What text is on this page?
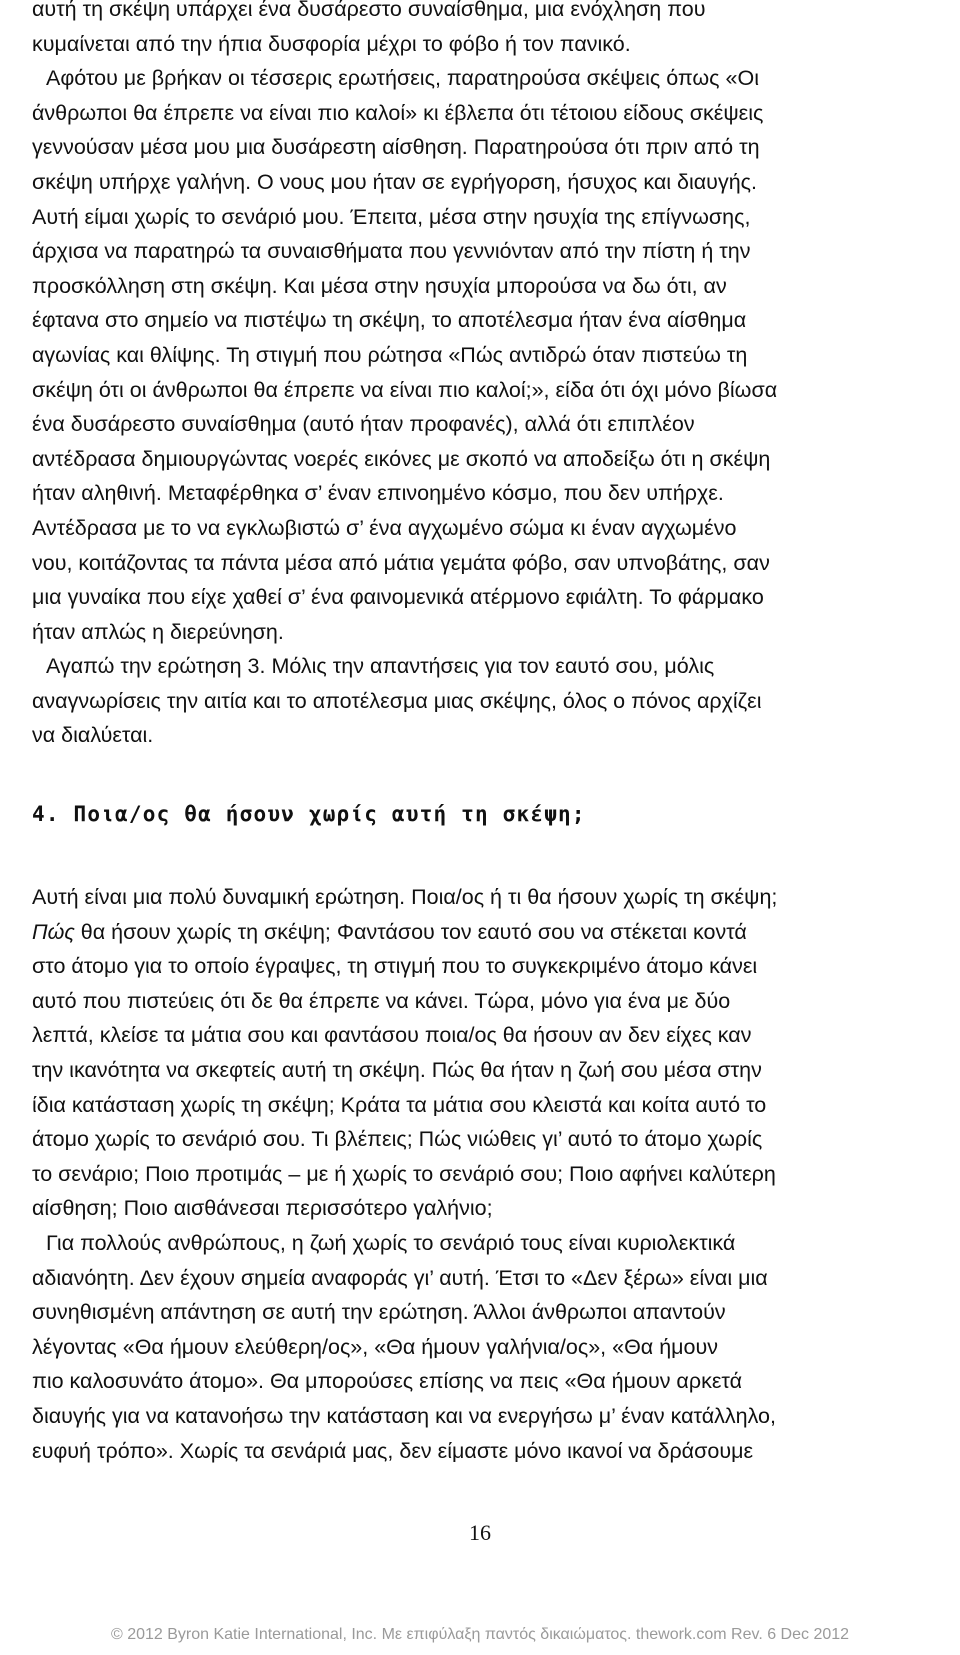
αυτή τη σκέψη υπάρχει ένα δυσάρεστο συναίσθημα, μια ενόχληση που
κυμαίνεται από την ήπια δυσφορία μέχρι το φόβο ή τον πανικό.
Αφότου με βρήκαν οι τέσσερις ερωτήσεις, παρατηρούσα σκέψεις όπως «Οι
άνθρωποι θα έπρεπε να είναι πιο καλοί» κι έβλεπα ότι τέτοιου είδους σκέψεις
γεννούσαν μέσα μου μια δυσάρεστη αίσθηση. Παρατηρούσα ότι πριν από τη
σκέψη υπήρχε γαλήνη. Ο νους μου ήταν σε εγρήγορση, ήσυχος και διαυγής.
Αυτή είμαι χωρίς το σενάριό μου. Έπειτα, μέσα στην ησυχία της επίγνωσης,
άρχισα να παρατηρώ τα συναισθήματα που γεννιόνταν από την πίστη ή την
προσκόλληση στη σκέψη. Και μέσα στην ησυχία μπορούσα να δω ότι, αν
έφτανα στο σημείο να πιστέψω τη σκέψη, το αποτέλεσμα ήταν ένα αίσθημα
αγωνίας και θλίψης. Τη στιγμή που ρώτησα «Πώς αντιδρώ όταν πιστεύω τη
σκέψη ότι οι άνθρωποι θα έπρεπε να είναι πιο καλοί;», είδα ότι όχι μόνο βίωσα
ένα δυσάρεστο συναίσθημα (αυτό ήταν προφανές), αλλά ότι επιπλέον
αντέδρασα δημιουργώντας νοερές εικόνες με σκοπό να αποδείξω ότι η σκέψη
ήταν αληθινή. Μεταφέρθηκα σ’ έναν επινοημένο κόσμο, που δεν υπήρχε.
Αντέδρασα με το να εγκλωβιστώ σ’ ένα αγχωμένο σώμα κι έναν αγχωμένο
νου, κοιτάζοντας τα πάντα μέσα από μάτια γεμάτα φόβο, σαν υπνοβάτης, σαν
μια γυναίκα που είχε χαθεί σ’ ένα φαινομενικά ατέρμονο εφιάλτη. Το φάρμακο
ήταν απλώς η διερεύνηση.
Αγαπώ την ερώτηση 3. Μόλις την απαντήσεις για τον εαυτό σου, μόλις
αναγνωρίσεις την αιτία και το αποτέλεσμα μιας σκέψης, όλος ο πόνος αρχίζει
να διαλύεται.
4. Ποια/ος θα ήσουν χωρίς αυτή τη σκέψη;
Αυτή είναι μια πολύ δυναμική ερώτηση. Ποια/ος ή τι θα ήσουν χωρίς τη σκέψη;
Πώς θα ήσουν χωρίς τη σκέψη; Φαντάσου τον εαυτό σου να στέκεται κοντά
στο άτομο για το οποίο έγραψες, τη στιγμή που το συγκεκριμένο άτομο κάνει
αυτό που πιστεύεις ότι δε θα έπρεπε να κάνει. Τώρα, μόνο για ένα με δύο
λεπτά, κλείσε τα μάτια σου και φαντάσου ποια/ος θα ήσουν αν δεν είχες καν
την ικανότητα να σκεφτείς αυτή τη σκέψη. Πώς θα ήταν η ζωή σου μέσα στην
ίδια κατάσταση χωρίς τη σκέψη; Κράτα τα μάτια σου κλειστά και κοίτα αυτό το
άτομο χωρίς το σενάριό σου. Τι βλέπεις; Πώς νιώθεις γι’ αυτό το άτομο χωρίς
το σενάριο; Ποιο προτιμάς – με ή χωρίς το σενάριό σου; Ποιο αφήνει καλύτερη
αίσθηση; Ποιο αισθάνεσαι περισσότερο γαλήνιο;
Για πολλούς ανθρώπους, η ζωή χωρίς το σενάριό τους είναι κυριολεκτικά
αδιανόητη. Δεν έχουν σημεία αναφοράς γι’ αυτή. Έτσι το «Δεν ξέρω» είναι μια
συνηθισμένη απάντηση σε αυτή την ερώτηση. Άλλοι άνθρωποι απαντούν
λέγοντας «Θα ήμουν ελεύθερη/ος», «Θα ήμουν γαλήνια/ος», «Θα ήμουν
πιο καλοσυνάτο άτομο». Θα μπορούσες επίσης να πεις «Θα ήμουν αρκετά
διαυγής για να κατανοήσω την κατάσταση και να ενεργήσω μ’ έναν κατάλληλο,
ευφυή τρόπο». Χωρίς τα σενάριά μας, δεν είμαστε μόνο ικανοί να δράσουμε
16
© 2012 Byron Katie International, Inc. Με επιφύλαξη παντός δικαιώματος. thework.com Rev. 6 Dec 2012
